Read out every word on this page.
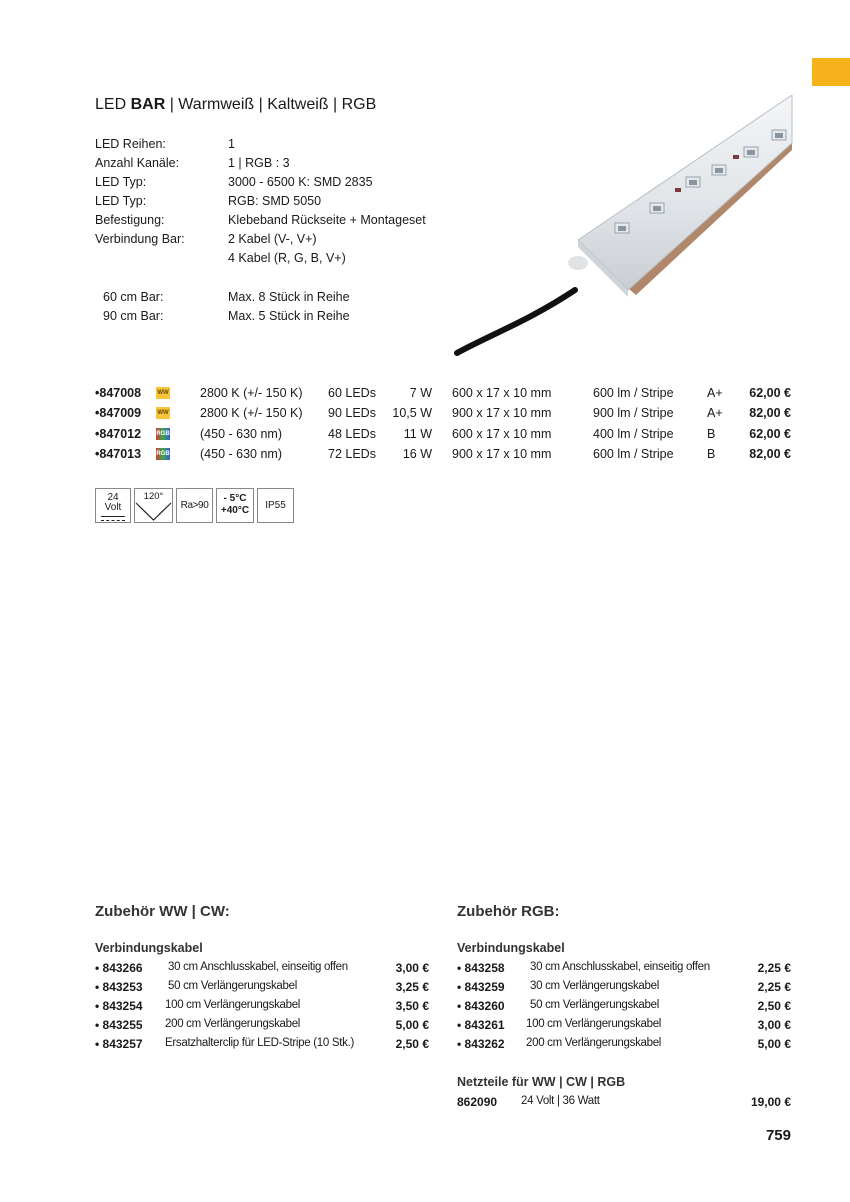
LED BAR | Warmweiß | Kaltweiß | RGB
LED Reihen:	1
Anzahl Kanäle:	1 | RGB : 3
LED Typ:	3000 - 6500 K: SMD 2835
LED Typ:	RGB: SMD 5050
Befestigung:	Klebeband Rückseite + Montageset
Verbindung Bar:	2 Kabel (V-, V+)
4 Kabel (R, G, B, V+)
60 cm Bar:	Max. 8 Stück in Reihe
90 cm Bar:	Max. 5 Stück in Reihe
•847008	WW	2800 K (+/- 150 K) 60 LEDs	7 W 600 x 17 x 10 mm	600 lm / Stripe	A+	62,00 €
•847009	WW	2800 K (+/- 150 K) 90 LEDs	10,5 W 900 x 17 x 10 mm	900 lm / Stripe	A+	82,00 €
•847012	RGB (450 - 630 nm)	48 LEDs	11 W 600 x 17 x 10 mm	400 lm / Stripe	B	62,00 €
•847013	RGB (450 - 630 nm)	72 LEDs	16 W 900 x 17 x 10 mm	600 lm / Stripe	B	82,00 €
24
Volt
120°
Ra>90
- 5°C
+40°C	IP55
Zubehör WW | CW:
Verbindungskabel
• 843266 30 cm Anschlusskabel, einseitig offen	3,00 €
• 843253 50 cm Verlängerungskabel	3,25 €
• 843254 100 cm Verlängerungskabel	3,50 €
• 843255 200 cm Verlängerungskabel	5,00 €
• 843257 Ersatzhalterclip für LED-Stripe (10 Stk.)	2,50 €
Zubehör RGB:
Verbindungskabel
• 843258 30 cm Anschlusskabel, einseitig offen	2,25 €
• 843259 30 cm Verlängerungskabel	2,25 €
• 843260 50 cm Verlängerungskabel	2,50 €
• 843261 100 cm Verlängerungskabel	3,00 €
• 843262 200 cm Verlängerungskabel	5,00 €
Netzteile für WW | CW | RGB
862090 24 Volt | 36 Watt	19,00 €
759
